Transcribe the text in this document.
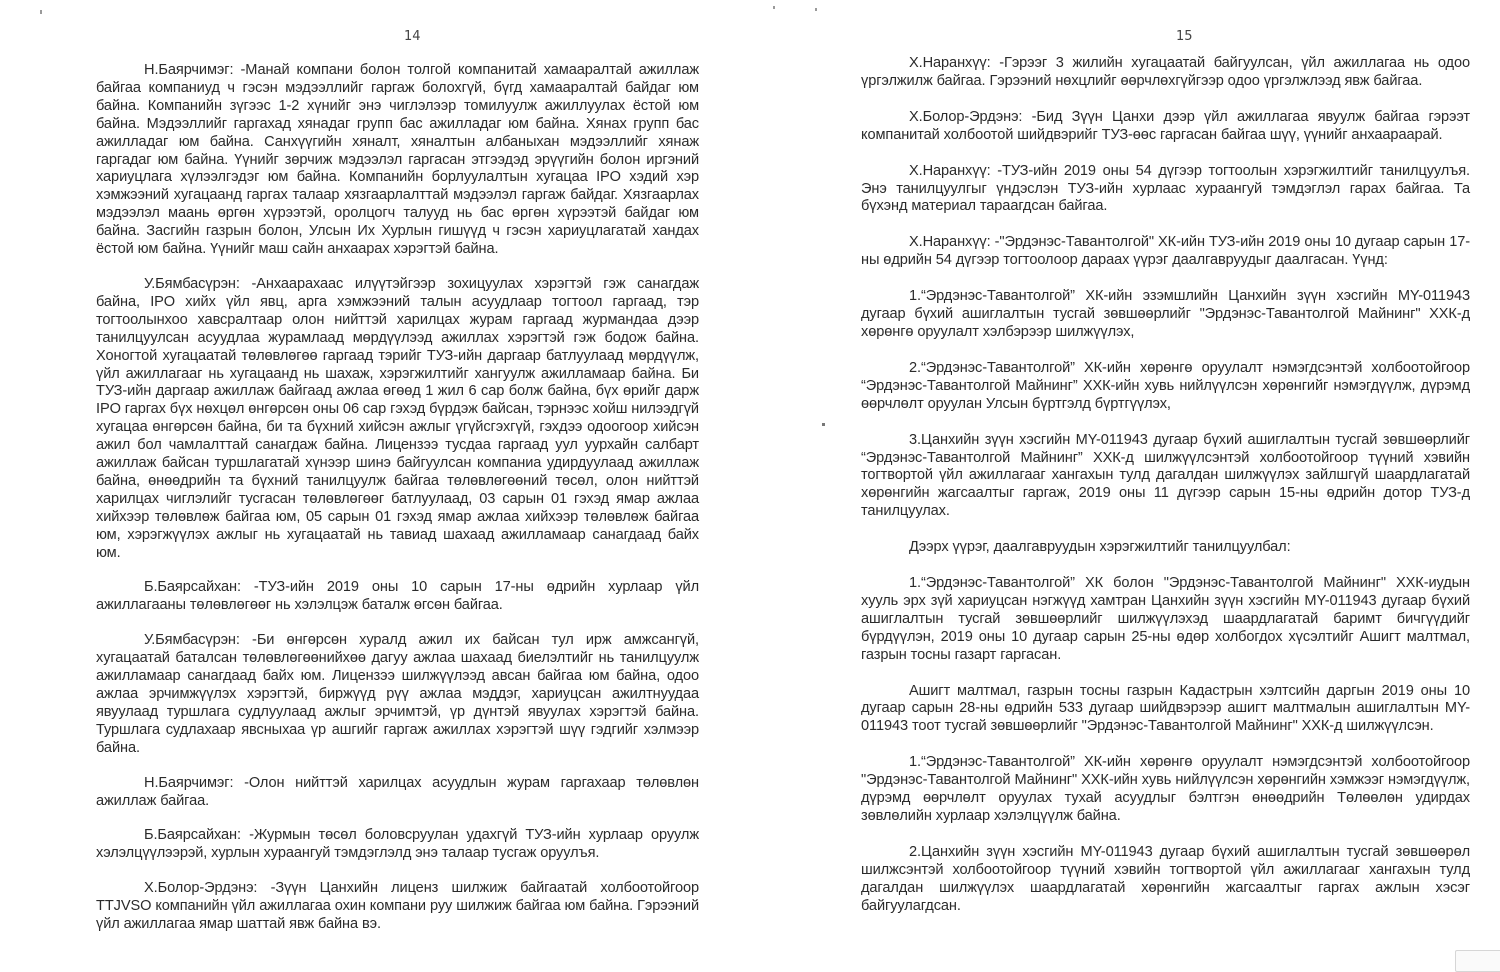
14

Н.Баярчимэг: -Манай компани болон толгой компанитай хамааралтай ажиллаж байгаа компаниуд ч гэсэн мэдээллийг гаргаж болохгүй, бүгд хамааралтай байдаг юм байна. Компанийн зүгээс 1-2 хүнийг энэ чиглэлээр томилуулж ажиллуулах ёстой юм байна. Мэдээллийг гаргахад хянадаг групп бас ажилладаг юм байна. Хянах групп бас ажилладаг юм байна. Санхүүгийн хяналт, хяналтын албаныхан мэдээллийг хянаж гаргадаг юм байна. Үүнийг зөрчиж мэдээлэл гаргасан этгээдэд эрүүгийн болон иргэний хариуцлага хүлээлгэдэг юм байна. Компанийн борлуулалтын хугацаа IPO хэдий хэр хэмжээний хугацаанд гаргах талаар хязгаарлалттай мэдээлэл гаргаж байдаг. Хязгаарлах мэдээлэл маань өргөн хүрээтэй, оролцогч талууд нь бас өргөн хүрээтэй байдаг юм байна. Засгийн газрын болон, Улсын Их Хурлын гишүүд ч гэсэн хариуцлагатай хандах ёстой юм байна. Үүнийг маш сайн анхаарах хэрэгтэй байна.

У.Бямбасүрэн: -Анхаарахаас илүүтэйгээр зохицуулах хэрэгтэй гэж санагдаж байна, IPO хийх үйл явц, арга хэмжээний талын асуудлаар тогтоол гаргаад, тэр тогтоолынхоо хавсралтаар олон нийттэй харилцах журам гаргаад журмандаа дээр танилцуулсан асуудлаа журамлаад мөрдүүлээд ажиллах хэрэгтэй гэж бодож байна. Хоногтой хугацаатай төлөвлөгөө гаргаад тэрийг ТУЗ-ийн даргаар батлуулаад мөрдүүлж, үйл ажиллагааг нь хугацаанд нь шахаж, хэрэгжилтийг хангуулж ажилламаар байна. Би ТУЗ-ийн даргаар ажиллаж байгаад ажлаа өгөөд 1 жил 6 сар болж байна, бүх өрийг дарж IPO гаргах бүх нөхцөл өнгөрсөн оны 06 сар гэхэд бүрдэж байсан, тэрнээс хойш нилээдгүй хугацаа өнгөрсөн байна, би та бүхний хийсэн ажлыг үгүйсгэхгүй, гэхдээ одоогоор хийсэн ажил бол чамлалттай санагдаж байна. Лицензээ тусдаа гаргаад уул уурхайн салбарт ажиллаж байсан туршлагатай хүнээр шинэ байгуулсан компаниа удирдуулаад ажиллаж байна, өнөөдрийн та бүхний танилцуулж байгаа төлөвлөгөөний төсөл, олон нийттэй харилцах чиглэлийг тусгасан төлөвлөгөөг батлуулаад, 03 сарын 01 гэхэд ямар ажлаа хийхээр төлөвлөж байгаа юм, 05 сарын 01 гэхэд ямар ажлаа хийхээр төлөвлөж байгаа юм, хэрэгжүүлэх ажлыг нь хугацаатай нь тавиад шахаад ажилламаар санагдаад байх юм.

Б.Баярсайхан: -ТУЗ-ийн 2019 оны 10 сарын 17-ны өдрийн хурлаар үйл ажиллагааны төлөвлөгөөг нь хэлэлцэж баталж өгсөн байгаа.

У.Бямбасүрэн: -Би өнгөрсөн хуралд ажил их байсан тул ирж амжсангүй, хугацаатай баталсан төлөвлөгөөнийхөө дагуу ажлаа шахаад биелэлтийг нь танилцуулж ажилламаар санагдаад байх юм. Лицензээ шилжүүлээд авсан байгаа юм байна, одоо ажлаа эрчимжүүлэх хэрэгтэй, биржүүд рүү ажлаа мэддэг, хариуцсан ажилтнуудаа явуулаад туршлага судлуулаад ажлыг эрчимтэй, үр дүнтэй явуулах хэрэгтэй байна. Туршлага судлахаар явсныхаа үр ашгийг гаргаж ажиллах хэрэгтэй шүү гэдгийг хэлмээр байна.

Н.Баярчимэг: -Олон нийттэй харилцах асуудлын журам гаргахаар төлөвлөн ажиллаж байгаа.

Б.Баярсайхан: -Журмын төсөл боловсруулан удахгүй ТУЗ-ийн хурлаар оруулж хэлэлцүүлээрэй, хурлын хураангуй тэмдэглэлд энэ талаар тусгаж оруулъя.

Х.Болор-Эрдэнэ: -Зүүн Цанхийн лиценз шилжиж байгаатай холбоотойгоор TTJVSO компанийн үйл ажиллагаа охин компани руу шилжиж байгаа юм байна. Гэрээний үйл ажиллагаа ямар шаттай явж байна вэ.

15

Х.Наранхүү: -Гэрээг 3 жилийн хугацаатай байгуулсан, үйл ажиллагаа нь одоо үргэлжилж байгаа. Гэрээний нөхцлийг өөрчлөхгүйгээр одоо үргэлжлээд явж байгаа.

Х.Болор-Эрдэнэ: -Бид Зүүн Цанхи дээр үйл ажиллагаа явуулж байгаа гэрээт компанитай холбоотой шийдвэрийг ТУЗ-өөс гаргасан байгаа шүү, үүнийг анхаараарай.

Х.Наранхүү: -ТУЗ-ийн 2019 оны 54 дүгээр тогтоолын хэрэгжилтийг танилцуулъя. Энэ танилцуулгыг үндэслэн ТУЗ-ийн хурлаас хураангуй тэмдэглэл гарах байгаа. Та бүхэнд материал тараагдсан байгаа.

Х.Наранхүү: -"Эрдэнэс-Тавантолгой" ХК-ийн ТУЗ-ийн 2019 оны 10 дугаар сарын 17-ны өдрийн 54 дүгээр тогтоолоор дараах үүрэг даалгавруудыг даалгасан. Үүнд:

1.“Эрдэнэс-Тавантолгой” ХК-ийн эзэмшлийн Цанхийн зүүн хэсгийн MY-011943 дугаар бүхий ашиглалтын тусгай зөвшөөрлийг "Эрдэнэс-Тавантолгой Майнинг" ХХК-д хөрөнгө оруулалт хэлбэрээр шилжүүлэх,

2.“Эрдэнэс-Тавантолгой” ХК-ийн хөрөнгө оруулалт нэмэгдсэнтэй холбоотойгоор “Эрдэнэс-Тавантолгой Майнинг” ХХК-ийн хувь нийлүүлсэн хөрөнгийг нэмэгдүүлж, дүрэмд өөрчлөлт оруулан Улсын бүртгэлд бүртгүүлэх,

3.Цанхийн зүүн хэсгийн MY-011943 дугаар бүхий ашиглалтын тусгай зөвшөөрлийг “Эрдэнэс-Тавантолгой Майнинг” ХХК-д шилжүүлсэнтэй холбоотойгоор түүний хэвийн тогтвортой үйл ажиллагааг хангахын тулд дагалдан шилжүүлэх зайлшгүй шаардлагатай хөрөнгийн жагсаалтыг гаргаж, 2019 оны 11 дүгээр сарын 15-ны өдрийн дотор ТУЗ-д танилцуулах.

Дээрх үүрэг, даалгавруудын хэрэгжилтийг танилцуулбал:

1.“Эрдэнэс-Тавантолгой” ХК болон "Эрдэнэс-Тавантолгой Майнинг" ХХК-иудын хууль эрх зүй хариуцсан нэгжүүд хамтран Цанхийн зүүн хэсгийн MY-011943 дугаар бүхий ашиглалтын тусгай зөвшөөрлийг шилжүүлэхэд шаардлагатай баримт бичгүүдийг бүрдүүлэн, 2019 оны 10 дугаар сарын 25-ны өдөр холбогдох хүсэлтийг Ашигт малтмал, газрын тосны газарт гаргасан.

Ашигт малтмал, газрын тосны газрын Кадастрын хэлтсийн даргын 2019 оны 10 дугаар сарын 28-ны өдрийн 533 дугаар шийдвэрээр ашигт малтмалын ашиглалтын MY-011943 тоот тусгай зөвшөөрлийг "Эрдэнэс-Тавантолгой Майнинг" ХХК-д шилжүүлсэн.

1.“Эрдэнэс-Тавантолгой” ХК-ийн хөрөнгө оруулалт нэмэгдсэнтэй холбоотойгоор "Эрдэнэс-Тавантолгой Майнинг" ХХК-ийн хувь нийлүүлсэн хөрөнгийн хэмжээг нэмэгдүүлж, дүрэмд өөрчлөлт оруулах тухай асуудлыг бэлтгэн өнөөдрийн Төлөөлөн удирдах зөвлөлийн хурлаар хэлэлцүүлж байна.

2.Цанхийн зүүн хэсгийн MY-011943 дугаар бүхий ашиглалтын тусгай зөвшөөрөл шилжсэнтэй холбоотойгоор түүний хэвийн тогтвортой үйл ажиллагааг хангахын тулд дагалдан шилжүүлэх шаардлагатай хөрөнгийн жагсаалтыг гаргах ажлын хэсэг байгуулагдсан.
